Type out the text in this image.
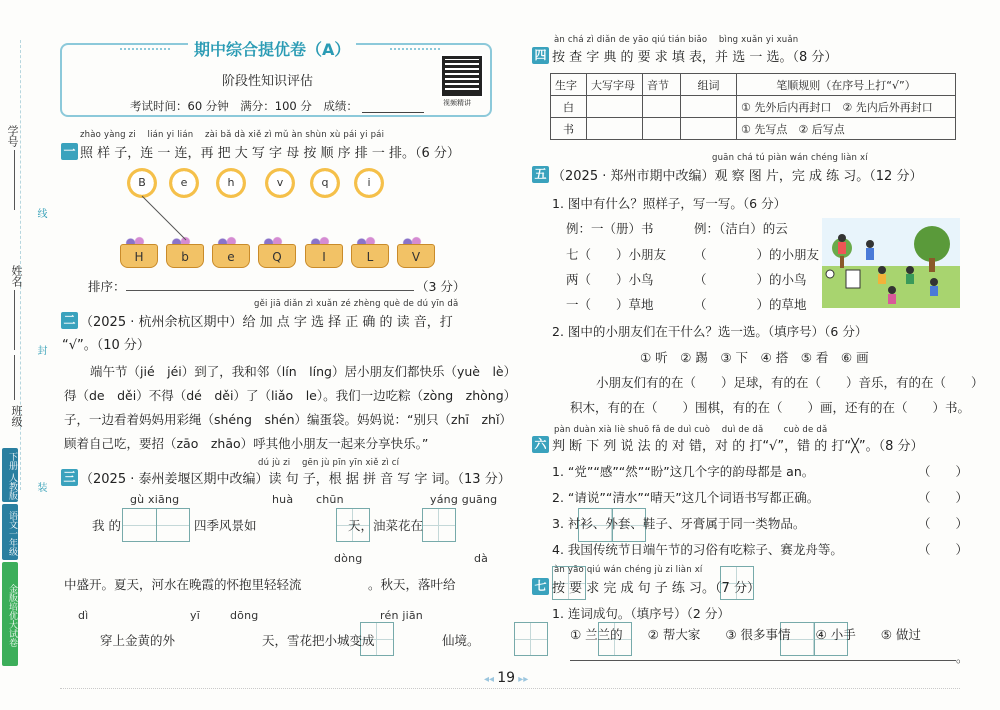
学号
姓名
班级
线
封
装
下册 人教版
语文一年级
金版培优大试卷
期中综合提优卷（A）
阶段性知识评估
考试时间：60 分钟　满分：100 分　成绩：	视频精讲
zhào yàng zi　 lián yi lián　 zài bǎ dà xiě zì mǔ àn shùn xù pái yi pái
一 照 样 子，连 一 连，再 把 大 写 字 母 按 顺 序 排 一 排。（6 分）
B	e	h	v	q	i
H	b	e	Q	I	L	V
排序：	（3 分）
gěi jiā diǎn zì xuǎn zé zhèng què de dú yīn dǎ
二 （2025 · 杭州余杭区期中）给 加 点 字 选 择 正 确 的 读 音，打
“√”。（10 分）
端午节（jié　jéi）到了，我和邻（lín　líng）居小朋友们都快乐（yuè　lè）
得（de　děi）不得（dé　děi）了（liǎo　le）。我们一边吃粽（zòng　zhòng）
子，一边看着妈妈用彩绳（shéng　shén）编蛋袋。妈妈说：“别只（zhī　zhǐ）
顾着自己吃，要招（zāo　zhāo）呼其他小朋友一起来分享快乐。”
dú jù zi　 gēn jù pīn yīn xiě zì cí
三 （2025 · 泰州姜堰区期中改编）读 句 子，根 据 拼 音 写 字 词。（13 分）
gù xiāng	huà chūn	yáng guāng
我 的
	四季风景如
	天，油菜花在

dòng	dà
中盛开。夏天，河水在晚霞的怀抱里轻轻流
	。秋天，落叶给

dì	yī	dōng	rén jiān

穿上金黄的外
	天，雪花把小城变成	仙境。
àn chá zì diǎn de yāo qiú tián biǎo　 bìng xuǎn yi xuǎn
四 按 查 字 典 的 要 求 填 表，并 选 一 选。（8 分）
生字	大写字母	音节	组词	笔顺规则（在序号上打“√”）
白				① 先外后内再封口　② 先内后外再封口
书				① 先写点　② 后写点
guān chá tú piàn wán chéng liàn xí
五 （2025 · 郑州市期中改编）观 察 图 片，完 成 练 习。（12 分）
1. 图中有什么？照样子，写一写。（6 分）
例：一（册）书	例：（洁白）的云
七（　　）小朋友 （　　　　）的小朋友
两（　　）小鸟	（　　　　）的小鸟
一（　　）草地	（　　　　）的草地
2. 图中的小朋友们在干什么？选一选。（填序号）（6 分）
① 听　② 踢　③ 下　④ 搭　⑤ 看　⑥ 画
小朋友们有的在（　　）足球，有的在（　　）音乐，有的在（　　）
积木，有的在（　　）围棋，有的在（　　）画，还有的在（　　）书。
pàn duàn xià liè shuō fǎ de duì cuò　 duì de dǎ　　 cuò de dǎ
六 判 断 下 列 说 法 的 对 错，对 的 打“√”，错 的 打“╳”。（8 分）
1. “党”“感”“然”“盼”这几个字的韵母都是 an。	（　　）
2. “请说”“清水”“晴天”这几个词语书写都正确。	（　　）
3. 衬衫、外套、鞋子、牙膏属于同一类物品。	（　　）
4. 我国传统节日端午节的习俗有吃粽子、赛龙舟等。	（　　）
àn yāo qiú wán chéng jù zi liàn xí
七 按 要 求 完 成 句 子 练 习。（7 分）
1. 连词成句。（填序号）（2 分）
① 兰兰的　　② 帮大家　　③ 很多事情　　④ 小手　　⑤ 做过
。
◂◂ 19 ▸▸
